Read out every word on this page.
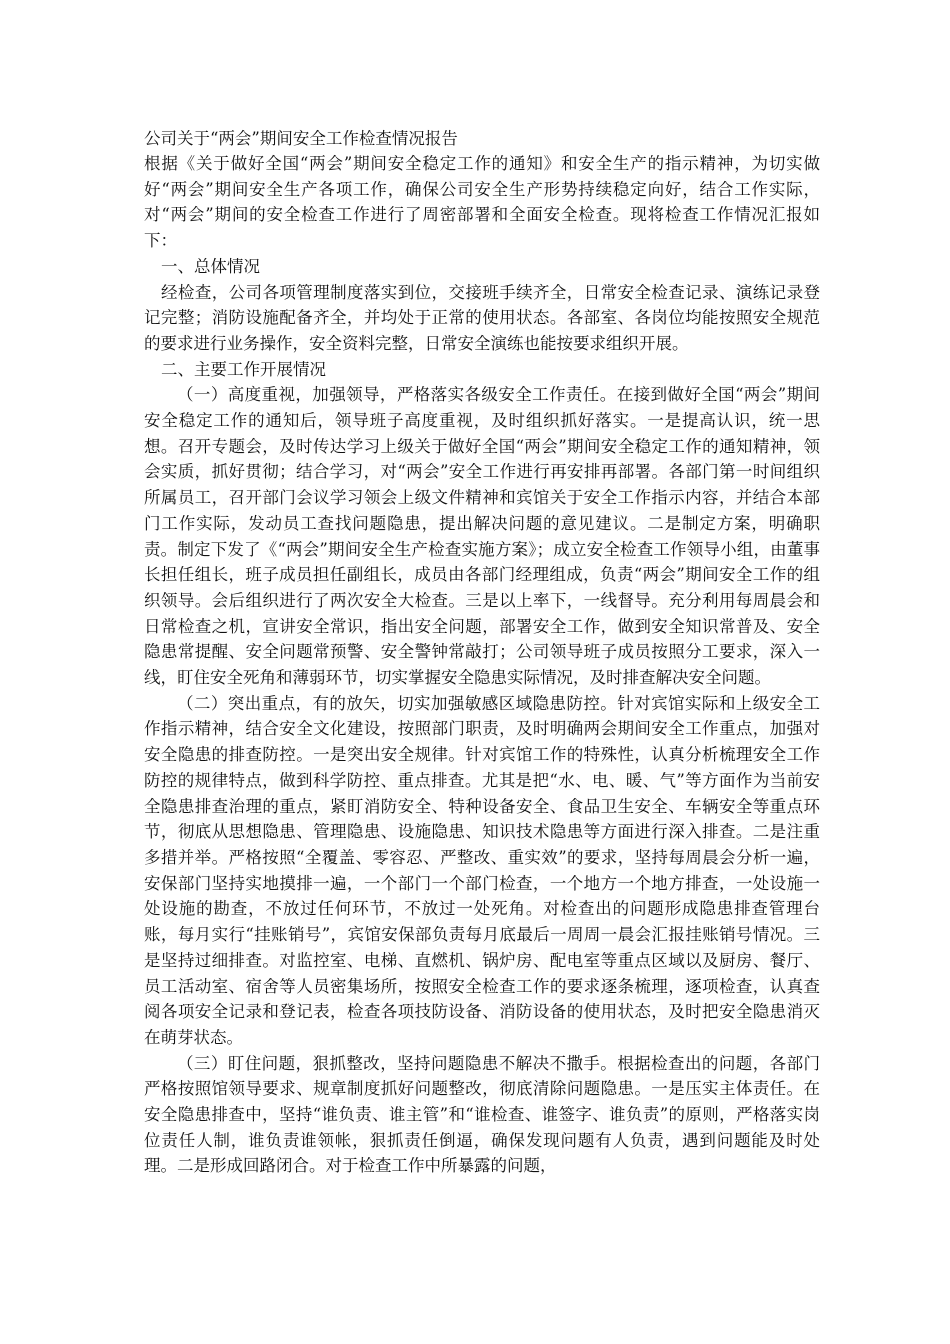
公司关于“两会”期间安全工作检查情况报告

根据《关于做好全国“两会”期间安全稳定工作的通知》和安全生产的指示精神，为切实做好“两会”期间安全生产各项工作，确保公司安全生产形势持续稳定向好，结合工作实际，对“两会”期间的安全检查工作进行了周密部署和全面安全检查。现将检查工作情况汇报如下：

一、总体情况

经检查，公司各项管理制度落实到位，交接班手续齐全，日常安全检查记录、演练记录登记完整；消防设施配备齐全，并均处于正常的使用状态。各部室、各岗位均能按照安全规范的要求进行业务操作，安全资料完整，日常安全演练也能按要求组织开展。

二、主要工作开展情况

（一）高度重视，加强领导，严格落实各级安全工作责任。在接到做好全国“两会”期间安全稳定工作的通知后，领导班子高度重视，及时组织抓好落实。一是提高认识，统一思想。召开专题会，及时传达学习上级关于做好全国“两会”期间安全稳定工作的通知精神，领会实质，抓好贯彻；结合学习，对“两会”安全工作进行再安排再部署。各部门第一时间组织所属员工，召开部门会议学习领会上级文件精神和宾馆关于安全工作指示内容，并结合本部门工作实际，发动员工查找问题隐患，提出解决问题的意见建议。二是制定方案，明确职责。制定下发了《“两会”期间安全生产检查实施方案》；成立安全检查工作领导小组，由董事长担任组长，班子成员担任副组长，成员由各部门经理组成，负责“两会”期间安全工作的组织领导。会后组织进行了两次安全大检查。三是以上率下，一线督导。充分利用每周晨会和日常检查之机，宣讲安全常识，指出安全问题，部署安全工作，做到安全知识常普及、安全隐患常提醒、安全问题常预警、安全警钟常敲打；公司领导班子成员按照分工要求，深入一线，盯住安全死角和薄弱环节，切实掌握安全隐患实际情况，及时排查解决安全问题。

（二）突出重点，有的放矢，切实加强敏感区域隐患防控。针对宾馆实际和上级安全工作指示精神，结合安全文化建设，按照部门职责，及时明确两会期间安全工作重点，加强对安全隐患的排查防控。一是突出安全规律。针对宾馆工作的特殊性，认真分析梳理安全工作防控的规律特点，做到科学防控、重点排查。尤其是把“水、电、暖、气”等方面作为当前安全隐患排查治理的重点，紧盯消防安全、特种设备安全、食品卫生安全、车辆安全等重点环节，彻底从思想隐患、管理隐患、设施隐患、知识技术隐患等方面进行深入排查。二是注重多措并举。严格按照“全覆盖、零容忍、严整改、重实效”的要求，坚持每周晨会分析一遍，安保部门坚持实地摸排一遍，一个部门一个部门检查，一个地方一个地方排查，一处设施一处设施的勘查，不放过任何环节，不放过一处死角。对检查出的问题形成隐患排查管理台账，每月实行“挂账销号”，宾馆安保部负责每月底最后一周周一晨会汇报挂账销号情况。三是坚持过细排查。对监控室、电梯、直燃机、锅炉房、配电室等重点区域以及厨房、餐厅、员工活动室、宿舍等人员密集场所，按照安全检查工作的要求逐条梳理，逐项检查，认真查阅各项安全记录和登记表，检查各项技防设备、消防设备的使用状态，及时把安全隐患消灭在萌芽状态。

（三）盯住问题，狠抓整改，坚持问题隐患不解决不撒手。根据检查出的问题，各部门严格按照馆领导要求、规章制度抓好问题整改，彻底清除问题隐患。一是压实主体责任。在安全隐患排查中，坚持“谁负责、谁主管”和“谁检查、谁签字、谁负责”的原则，严格落实岗位责任人制，谁负责谁领帐，狠抓责任倒逼，确保发现问题有人负责，遇到问题能及时处理。二是形成回路闭合。对于检查工作中所暴露的问题，
